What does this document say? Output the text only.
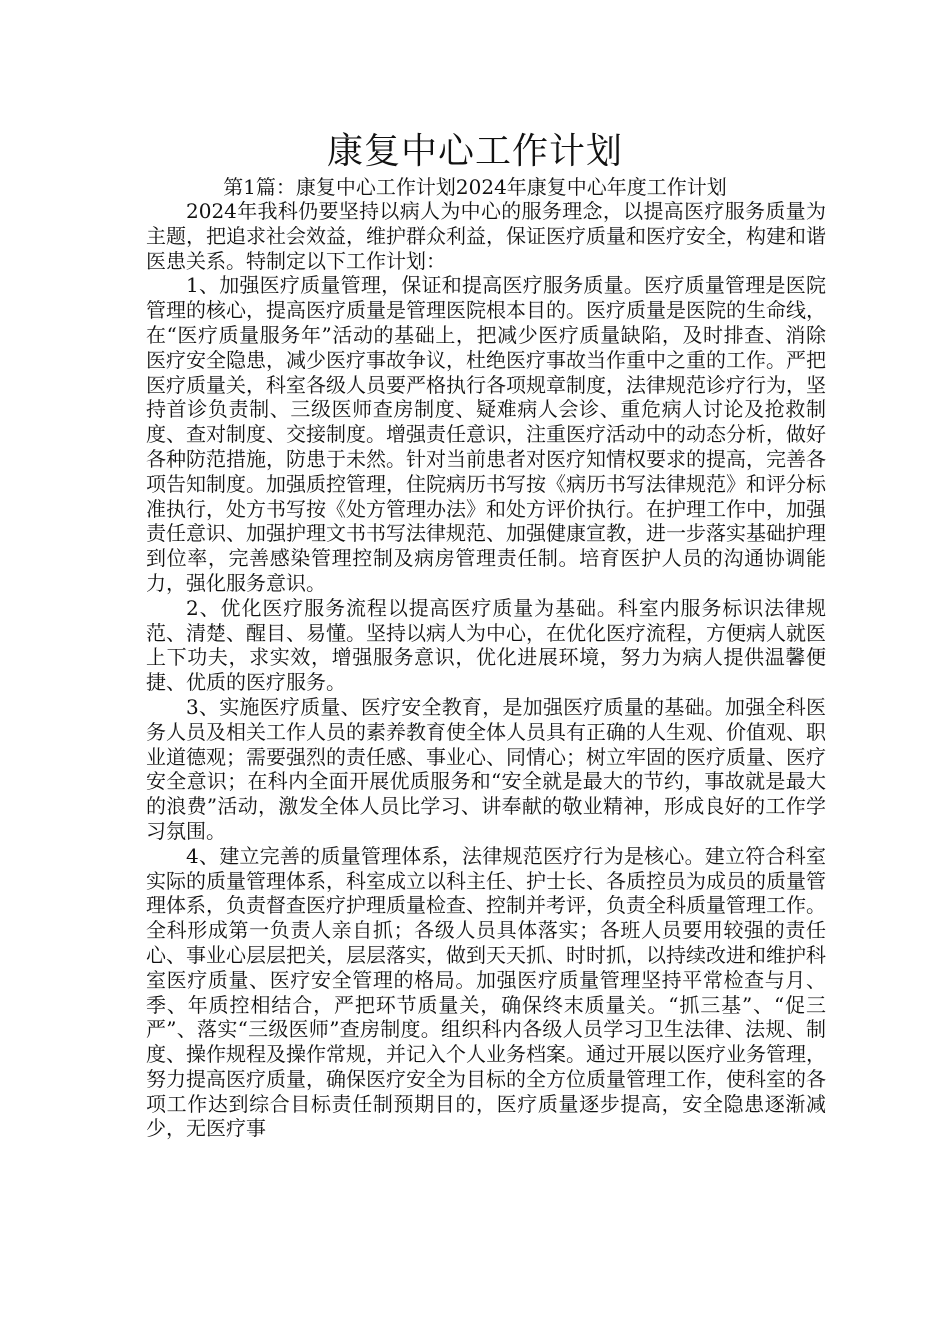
康复中心工作计划
第1篇：康复中心工作计划2024年康复中心年度工作计划

2024年我科仍要坚持以病人为中心的服务理念，以提高医疗服务质量为主题，把追求社会效益，维护群众利益，保证医疗质量和医疗安全，构建和谐医患关系。特制定以下工作计划：

1、加强医疗质量管理，保证和提高医疗服务质量。医疗质量管理是医院管理的核心，提高医疗质量是管理医院根本目的。医疗质量是医院的生命线，在“医疗质量服务年”活动的基础上，把减少医疗质量缺陷，及时排查、消除医疗安全隐患，减少医疗事故争议，杜绝医疗事故当作重中之重的工作。严把医疗质量关，科室各级人员要严格执行各项规章制度，法律规范诊疗行为，坚持首诊负责制、三级医师查房制度、疑难病人会诊、重危病人讨论及抢救制度、查对制度、交接制度。增强责任意识，注重医疗活动中的动态分析，做好各种防范措施，防患于未然。针对当前患者对医疗知情权要求的提高，完善各项告知制度。加强质控管理，住院病历书写按《病历书写法律规范》和评分标准执行，处方书写按《处方管理办法》和处方评价执行。在护理工作中，加强责任意识、加强护理文书书写法律规范、加强健康宣教，进一步落实基础护理到位率，完善感染管理控制及病房管理责任制。培育医护人员的沟通协调能力，强化服务意识。

2、优化医疗服务流程以提高医疗质量为基础。科室内服务标识法律规范、清楚、醒目、易懂。坚持以病人为中心，在优化医疗流程，方便病人就医上下功夫，求实效，增强服务意识，优化进展环境，努力为病人提供温馨便捷、优质的医疗服务。

3、实施医疗质量、医疗安全教育，是加强医疗质量的基础。加强全科医务人员及相关工作人员的素养教育使全体人员具有正确的人生观、价值观、职业道德观；需要强烈的责任感、事业心、同情心；树立牢固的医疗质量、医疗安全意识；在科内全面开展优质服务和“安全就是最大的节约，事故就是最大的浪费”活动，激发全体人员比学习、讲奉献的敬业精神，形成良好的工作学习氛围。

4、建立完善的质量管理体系，法律规范医疗行为是核心。建立符合科室实际的质量管理体系，科室成立以科主任、护士长、各质控员为成员的质量管理体系，负责督查医疗护理质量检查、控制并考评，负责全科质量管理工作。全科形成第一负责人亲自抓；各级人员具体落实；各班人员要用较强的责任心、事业心层层把关，层层落实，做到天天抓、时时抓，以持续改进和维护科室医疗质量、医疗安全管理的格局。加强医疗质量管理坚持平常检查与月、季、年质控相结合，严把环节质量关，确保终末质量关。“抓三基”、“促三严”、落实“三级医师”查房制度。组织科内各级人员学习卫生法律、法规、制度、操作规程及操作常规，并记入个人业务档案。通过开展以医疗业务管理，努力提高医疗质量，确保医疗安全为目标的全方位质量管理工作，使科室的各项工作达到综合目标责任制预期目的，医疗质量逐步提高，安全隐患逐渐减少，无医疗事
